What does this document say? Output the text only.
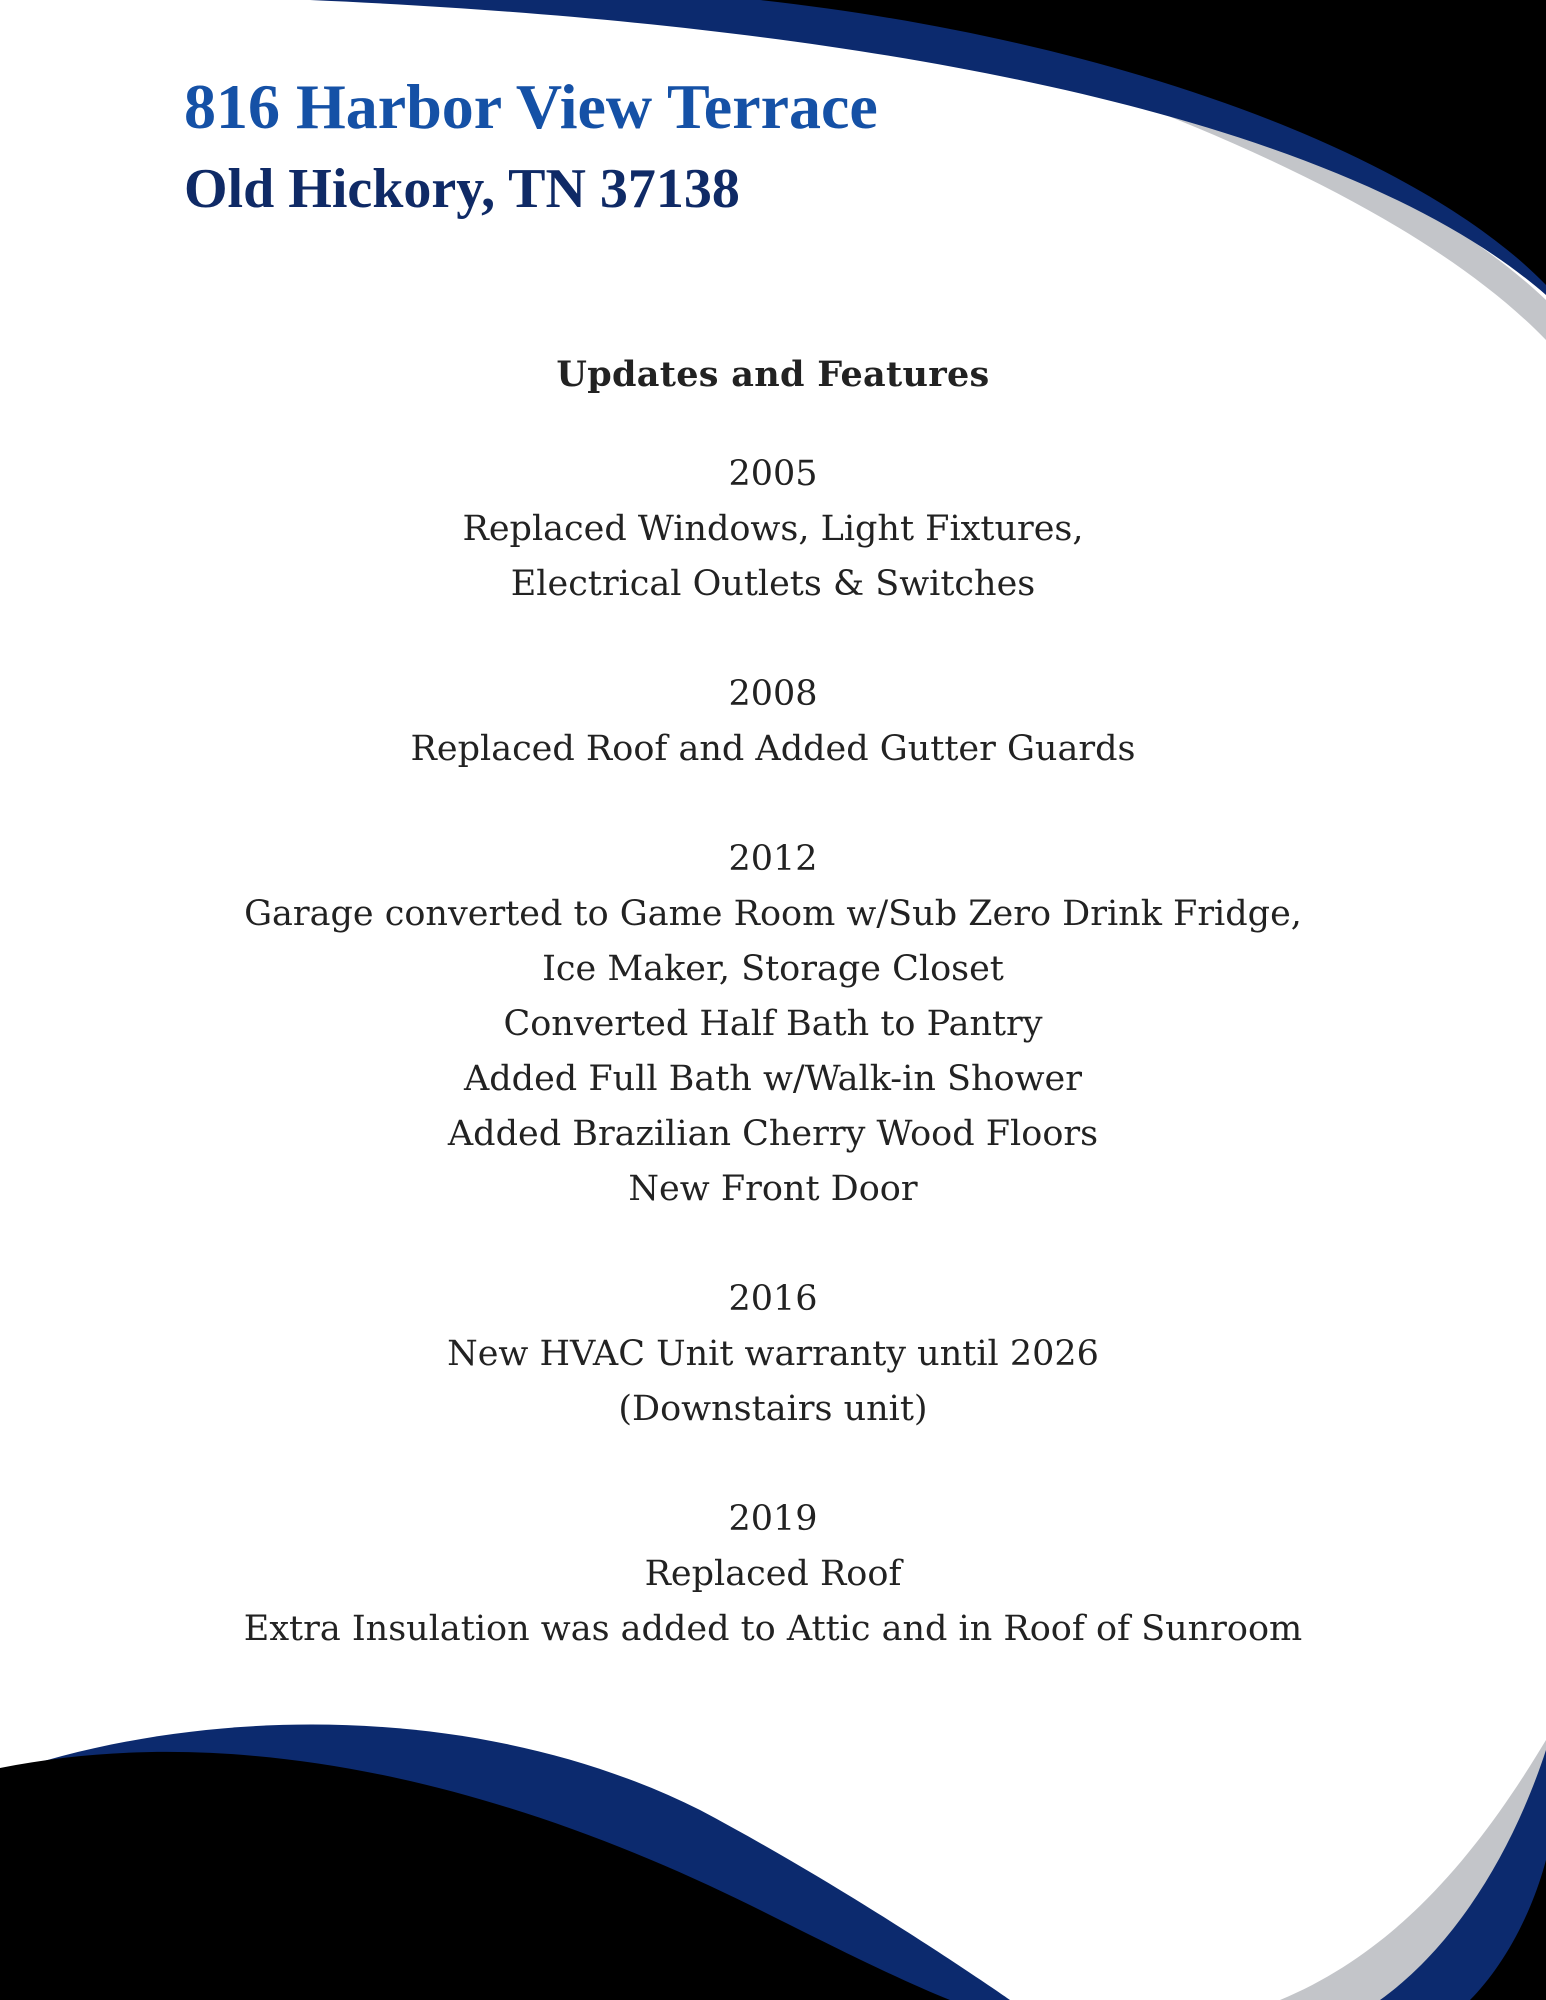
816 Harbor View Terrace
Old Hickory, TN 37138
Updates and Features
2005
Replaced Windows, Light Fixtures,
Electrical Outlets & Switches
2008
Replaced Roof and Added Gutter Guards
2012
Garage converted to Game Room w/Sub Zero Drink Fridge,
Ice Maker, Storage Closet
Converted Half Bath to Pantry
Added Full Bath w/Walk-in Shower
Added Brazilian Cherry Wood Floors
New Front Door
2016
New HVAC Unit warranty until 2026
(Downstairs unit)
2019
Replaced Roof
Extra Insulation was added to Attic and in Roof of Sunroom
